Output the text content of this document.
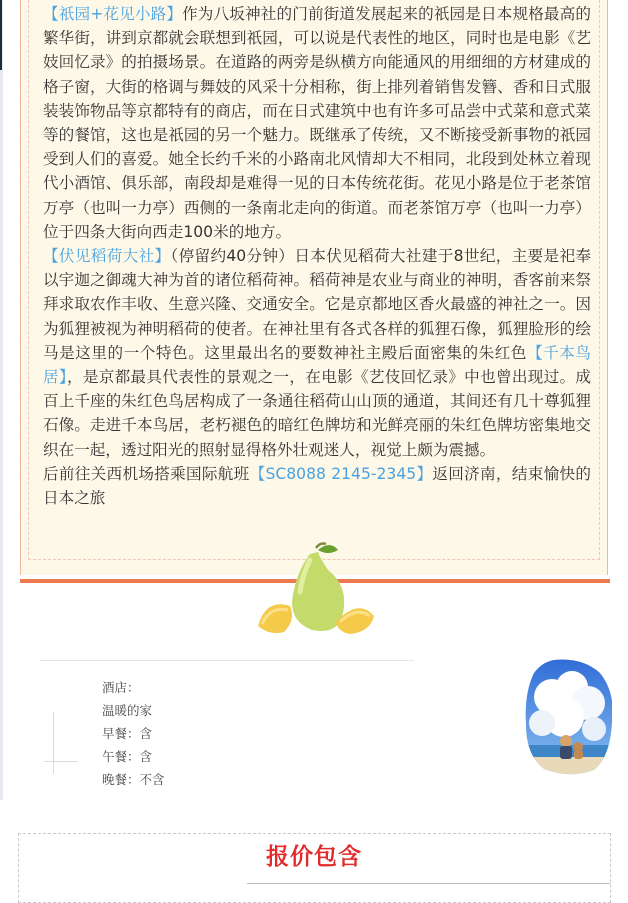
【祇园+花见小路】作为八坂神社的门前街道发展起来的祇园是日本规格最高的繁华街，讲到京都就会联想到祇园，可以说是代表性的地区，同时也是电影《艺妓回忆录》的拍摄场景。在道路的两旁是纵横方向能通风的用细细的方材建成的格子窗，大街的格调与舞妓的风采十分相称，街上排列着销售发簪、香和日式服装装饰物品等京都特有的商店，而在日式建筑中也有许多可品尝中式菜和意式菜等的餐馆，这也是祇园的另一个魅力。既继承了传统，又不断接受新事物的祇园受到人们的喜爱。她全长约千米的小路南北风情却大不相同，北段到处林立着现代小酒馆、俱乐部，南段却是难得一见的日本传统花街。花见小路是位于老茶馆万亭（也叫一力亭）西侧的一条南北走向的街道。而老茶馆万亭（也叫一力亭）位于四条大街向西走100米的地方。

【伏见稻荷大社】（停留约40分钟）日本伏见稻荷大社建于8世纪，主要是祀奉以宇迦之御魂大神为首的诸位稻荷神。稻荷神是农业与商业的神明，香客前来祭拜求取农作丰收、生意兴隆、交通安全。它是京都地区香火最盛的神社之一。因为狐狸被视为神明稻荷的使者。在神社里有各式各样的狐狸石像，狐狸脸形的绘马是这里的一个特色。这里最出名的要数神社主殿后面密集的朱红色【千本鸟居】，是京都最具代表性的景观之一，在电影《艺伎回忆录》中也曾出现过。成百上千座的朱红色鸟居构成了一条通往稻荷山山顶的通道，其间还有几十尊狐狸石像。走进千本鸟居，老朽褪色的暗红色牌坊和光鲜亮丽的朱红色牌坊密集地交织在一起，透过阳光的照射显得格外壮观迷人，视觉上颇为震撼。

后前往关西机场搭乘国际航班【SC8088 2145-2345】返回济南，结束愉快的日本之旅

酒店：
温暖的家
早餐：含
午餐：含
晚餐：不含
报价包含
